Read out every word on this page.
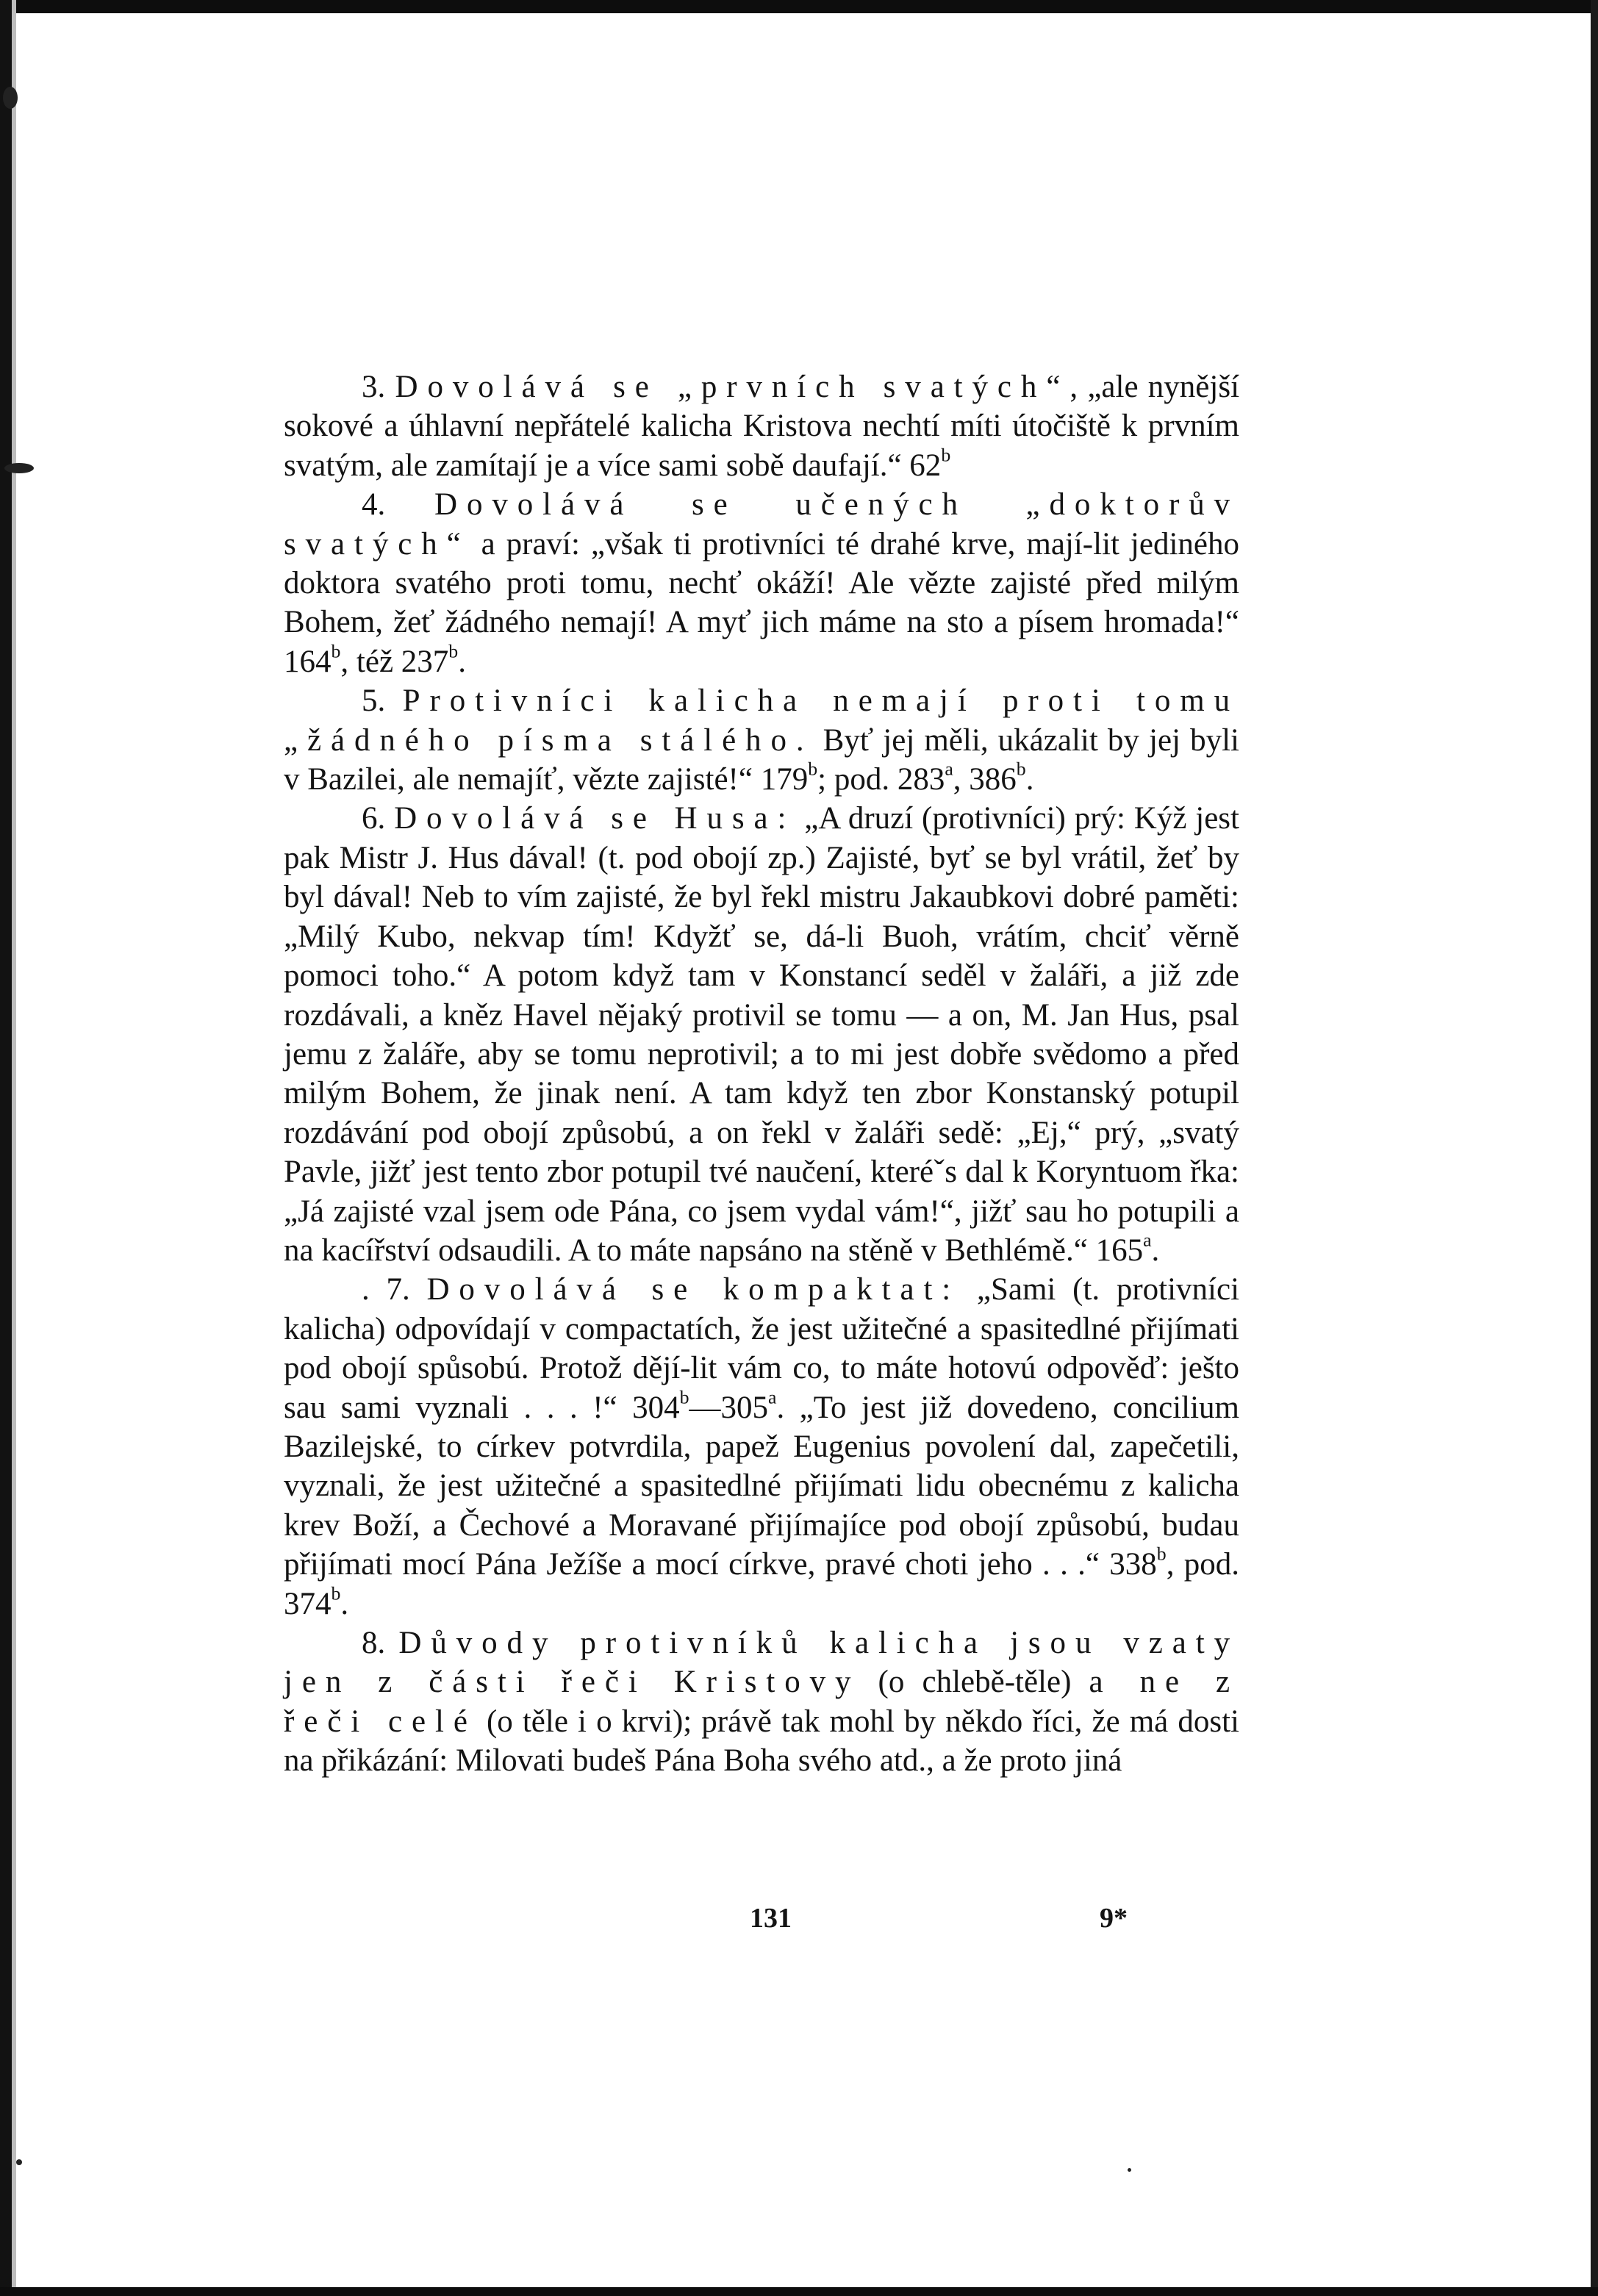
3. Dovolává se „prvních svatých“, „ale nynější sokové a úhlavní nepřátelé kalicha Kristova nechtí míti útočiště k prvním svatým, ale zamítají je a více sami sobě daufají.“ 62$^b$

4. Dovolává se učených „doktorův svatých“ a praví: „však ti protivníci té drahé krve, mají-lit jediného doktora svatého proti tomu, nechť okáží! Ale vězte zajisté před milým Bohem, žeť žádného nemají! A myť jich máme na sto a písem hromada!“ 164$^b$, též 237$^b$.

5. Protivníci kalicha nemají proti tomu „žádného písma stálého. Byť jej měli, ukázalit by jej byli v Bazilei, ale nemajíť, vězte zajisté!“ 179$^b$; pod. 283$^a$, 386$^b$.

6. Dovolává se Husa: „A druzí (protivníci) prý: Kýž jest pak Mistr J. Hus dával! (t. pod obojí zp.) Zajisté, byť se byl vrátil, žeť by byl dával! Neb to vím zajisté, že byl řekl mistru Jakaubkovi dobré paměti: „Milý Kubo, nekvap tím! Kdyžť se, dá-li Buoh, vrátím, chciť věrně pomoci toho.“ A potom když tam v Konstancí seděl v žaláři, a již zde rozdávali, a kněz Havel nějaký protivil se tomu — a on, M. Jan Hus, psal jemu z žaláře, aby se tomu neprotivil; a to mi jest dobře svědomo a před milým Bohem, že jinak není. A tam když ten zbor Konstanský potupil rozdávání pod obojí způsobú, a on řekl v žaláři sedě: „Ej,“ prý, „svatý Pavle, jižť jest tento zbor potupil tvé naučení, kteréˇs dal k Koryntuom řka: „Já zajisté vzal jsem ode Pána, co jsem vydal vám!“, jižť sau ho potupili a na kacířství odsaudili. A to máte napsáno na stěně v Bethlémě.“ 165$^a$.

. 7. Dovolává se kompaktat: „Sami (t. protivníci kalicha) odpovídají v compactatích, že jest užitečné a spasitedlné přijímati pod obojí spůsobú. Protož dějí-lit vám co, to máte hotovú odpověď: ješto sau sami vyznali . . . !“ 304$^b$—305$^a$. „To jest již dovedeno, concilium Bazilejské, to církev potvrdila, papež Eugenius povolení dal, zapečetili, vyznali, že jest užitečné a spasitedlné přijímati lidu obecnému z kalicha krev Boží, a Čechové a Moravané přijímajíce pod obojí způsobú, budau přijímati mocí Pána Ježíše a mocí církve, pravé choti jeho . . .“ 338$^b$, pod. 374$^b$.

8. Důvody protivníků kalicha jsou vzaty jen z části řeči Kristovy (o chlebě-těle) a ne z řeči celé (o těle i o krvi); právě tak mohl by někdo říci, že má dosti na přikázání: Milovati budeš Pána Boha svého atd., a že proto jiná

131	9*
